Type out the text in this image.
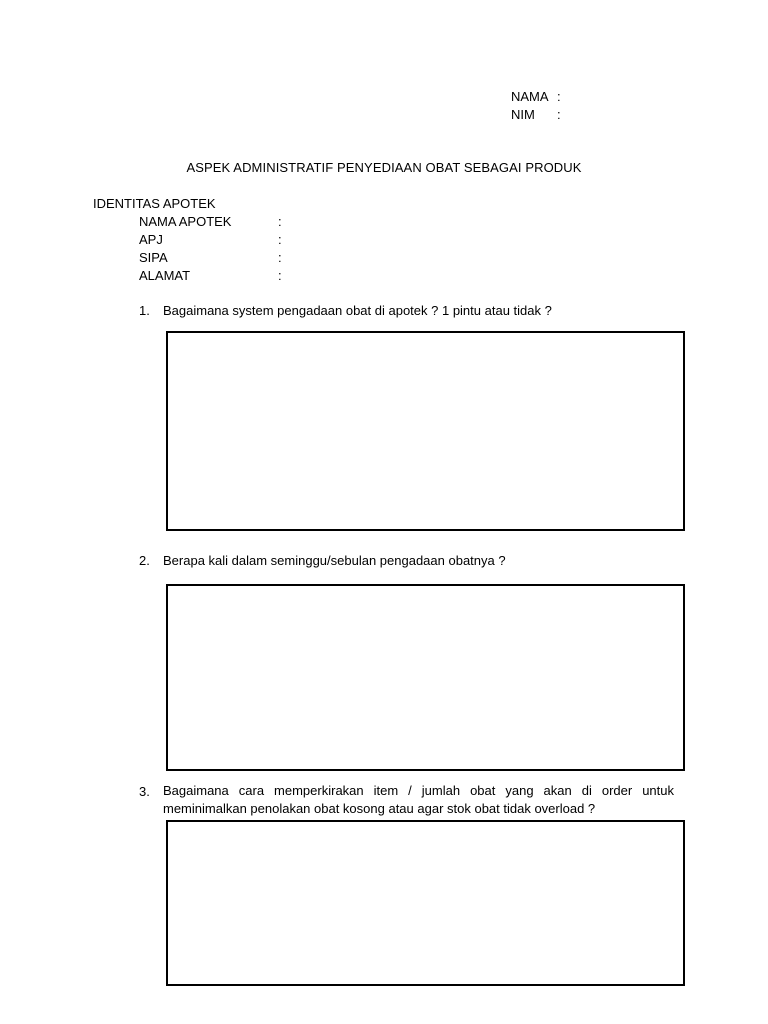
NAMA :
NIM :
ASPEK ADMINISTRATIF PENYEDIAAN OBAT SEBAGAI PRODUK
IDENTITAS APOTEK
NAMA APOTEK	:
APJ	:
SIPA	:
ALAMAT	:
1. Bagaimana system pengadaan obat di apotek ? 1 pintu atau tidak ?
2. Berapa kali dalam seminggu/sebulan pengadaan obatnya ?
3. Bagaimana cara memperkirakan item / jumlah obat yang akan di order untuk meminimalkan penolakan obat kosong atau agar stok obat tidak overload ?
